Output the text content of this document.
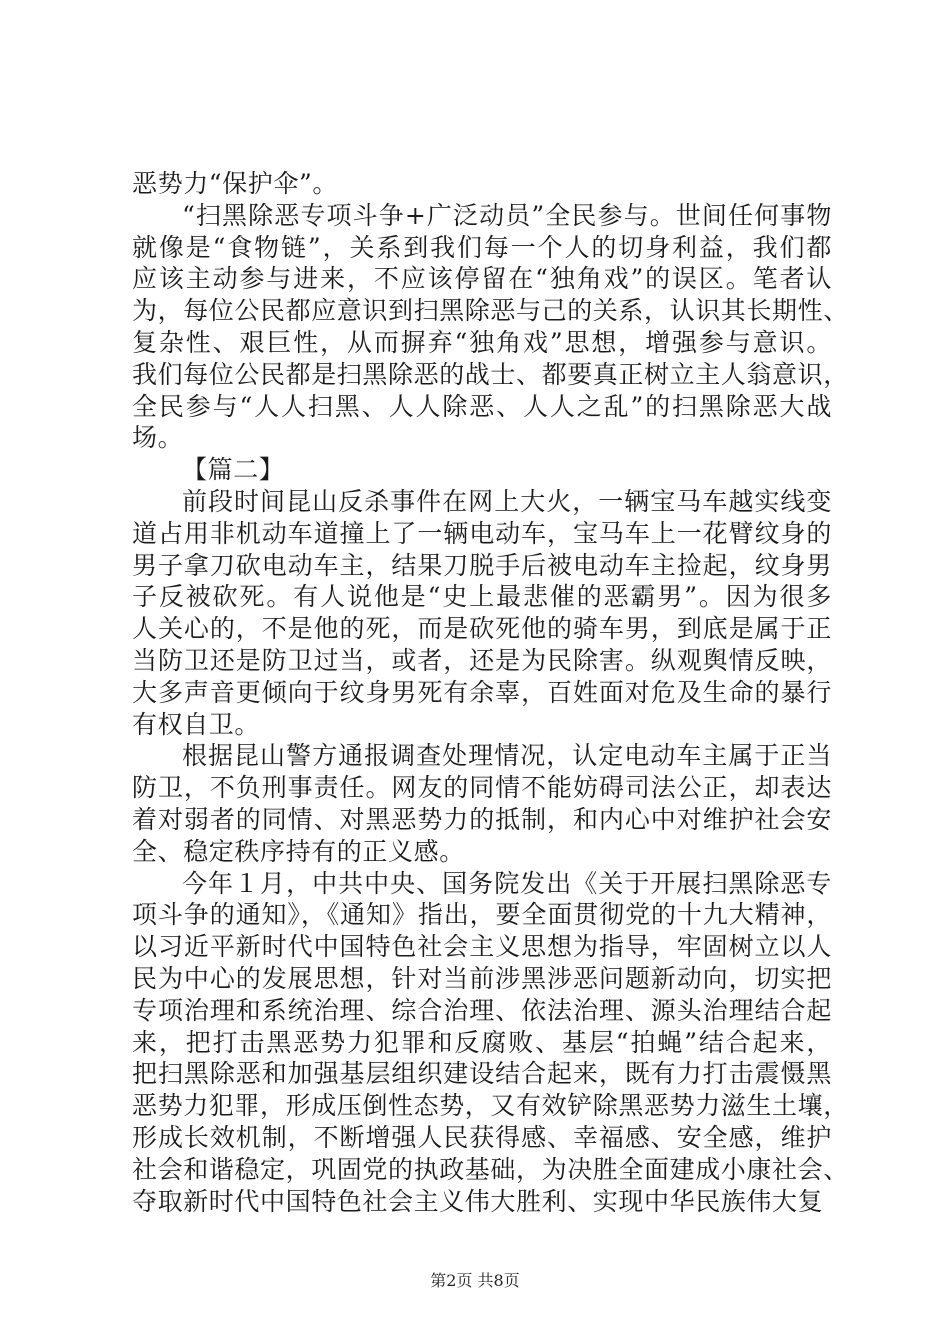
恶势力“保护伞”。

“扫黑除恶专项斗争+广泛动员”全民参与。世间任何事物
就像是“食物链”，关系到我们每一个人的切身利益，我们都
应该主动参与进来，不应该停留在“独角戏”的误区。笔者认
为，每位公民都应意识到扫黑除恶与己的关系，认识其长期性、
复杂性、艰巨性，从而摒弃“独角戏”思想，增强参与意识。
我们每位公民都是扫黑除恶的战士、都要真正树立主人翁意识，
全民参与“人人扫黑、人人除恶、人人之乱”的扫黑除恶大战
场。

【篇二】

前段时间昆山反杀事件在网上大火，一辆宝马车越实线变
道占用非机动车道撞上了一辆电动车，宝马车上一花臂纹身的
男子拿刀砍电动车主，结果刀脱手后被电动车主捡起，纹身男
子反被砍死。有人说他是“史上最悲催的恶霸男”。因为很多
人关心的，不是他的死，而是砍死他的骑车男，到底是属于正
当防卫还是防卫过当，或者，还是为民除害。纵观舆情反映，
大多声音更倾向于纹身男死有余辜，百姓面对危及生命的暴行
有权自卫。

根据昆山警方通报调查处理情况，认定电动车主属于正当
防卫，不负刑事责任。网友的同情不能妨碍司法公正，却表达
着对弱者的同情、对黑恶势力的抵制，和内心中对维护社会安
全、稳定秩序持有的正义感。

今年１月，中共中央、国务院发出《关于开展扫黑除恶专
项斗争的通知》，《通知》指出，要全面贯彻党的十九大精神，
以习近平新时代中国特色社会主义思想为指导，牢固树立以人
民为中心的发展思想，针对当前涉黑涉恶问题新动向，切实把
专项治理和系统治理、综合治理、依法治理、源头治理结合起
来，把打击黑恶势力犯罪和反腐败、基层“拍蝇”结合起来，
把扫黑除恶和加强基层组织建设结合起来，既有力打击震慑黑
恶势力犯罪，形成压倒性态势，又有效铲除黑恶势力滋生土壤，
形成长效机制，不断增强人民获得感、幸福感、安全感，维护
社会和谐稳定，巩固党的执政基础，为决胜全面建成小康社会、
夺取新时代中国特色社会主义伟大胜利、实现中华民族伟大复

第2页 共8页
